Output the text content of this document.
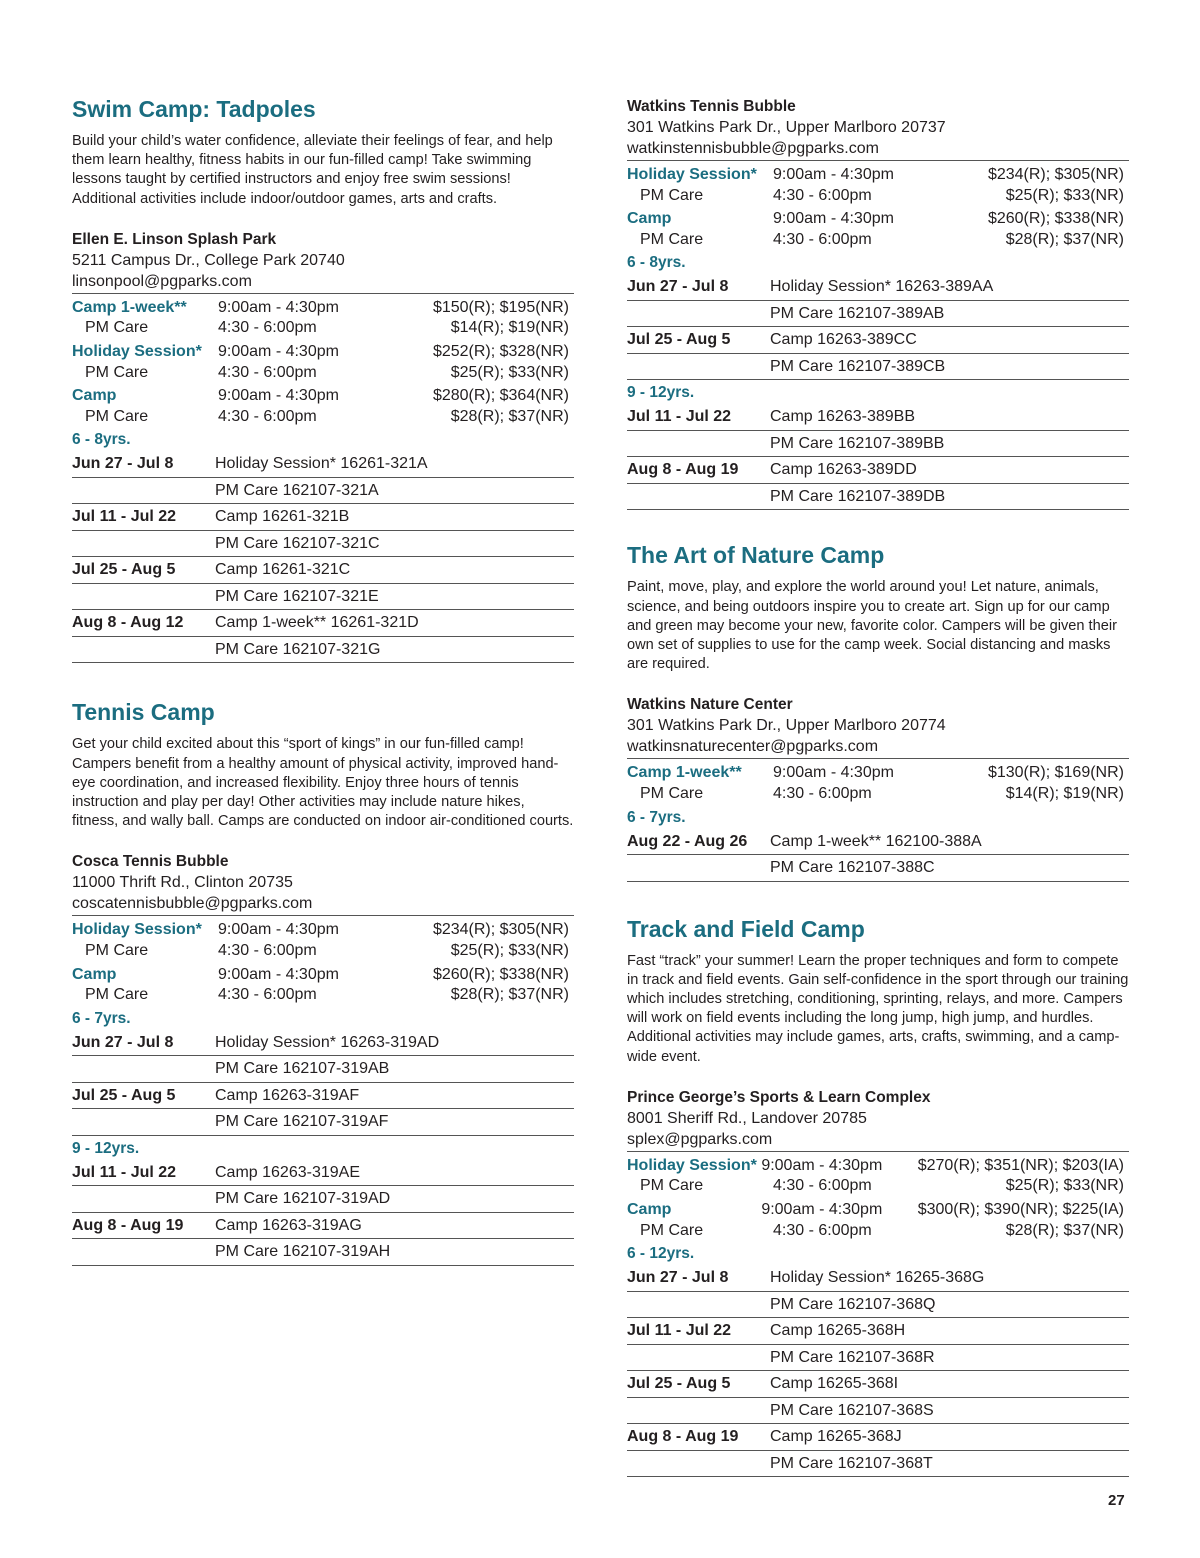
Swim Camp: Tadpoles

Build your child’s water confidence, alleviate their feelings of fear, and help them learn healthy, fitness habits in our fun-filled camp! Take swimming lessons taught by certified instructors and enjoy free swim sessions! Additional activities include indoor/outdoor games, arts and crafts.

Ellen E. Linson Splash Park
5211 Campus Dr., College Park 20740
linsonpool@pgparks.com
Camp 1-week**	9:00am - 4:30pm	$150(R); $195(NR)
PM Care	4:30 - 6:00pm	$14(R); $19(NR)
Holiday Session*	9:00am - 4:30pm	$252(R); $328(NR)
PM Care	4:30 - 6:00pm	$25(R); $33(NR)
Camp	9:00am - 4:30pm	$280(R); $364(NR)
PM Care	4:30 - 6:00pm	$28(R); $37(NR)
6 - 8yrs.
Jun 27 - Jul 8	Holiday Session* 16261-321A
PM Care 162107-321A
Jul 11 - Jul 22	Camp 16261-321B
PM Care 162107-321C
Jul 25 - Aug 5	Camp 16261-321C
PM Care 162107-321E
Aug 8 - Aug 12	Camp 1-week** 16261-321D
PM Care 162107-321G
Tennis Camp

Get your child excited about this “sport of kings” in our fun-filled camp! Campers benefit from a healthy amount of physical activity, improved hand-eye coordination, and increased flexibility. Enjoy three hours of tennis instruction and play per day! Other activities may include nature hikes, fitness, and wally ball. Camps are conducted on indoor air-conditioned courts.

Cosca Tennis Bubble
11000 Thrift Rd., Clinton 20735
coscatennisbubble@pgparks.com
Holiday Session*	9:00am - 4:30pm	$234(R); $305(NR)
PM Care	4:30 - 6:00pm	$25(R); $33(NR)
Camp	9:00am - 4:30pm	$260(R); $338(NR)
PM Care	4:30 - 6:00pm	$28(R); $37(NR)
6 - 7yrs.
Jun 27 - Jul 8	Holiday Session* 16263-319AD
PM Care 162107-319AB
Jul 25 - Aug 5	Camp 16263-319AF
PM Care 162107-319AF
9 - 12yrs.
Jul 11 - Jul 22	Camp 16263-319AE
PM Care 162107-319AD
Aug 8 - Aug 19	Camp 16263-319AG
PM Care 162107-319AH
Watkins Tennis Bubble
301 Watkins Park Dr., Upper Marlboro 20737
watkinstennisbubble@pgparks.com
Holiday Session*	9:00am - 4:30pm	$234(R); $305(NR)
PM Care	4:30 - 6:00pm	$25(R); $33(NR)
Camp	9:00am - 4:30pm	$260(R); $338(NR)
PM Care	4:30 - 6:00pm	$28(R); $37(NR)
6 - 8yrs.
Jun 27 - Jul 8	Holiday Session* 16263-389AA
PM Care 162107-389AB
Jul 25 - Aug 5	Camp 16263-389CC
PM Care 162107-389CB
9 - 12yrs.
Jul 11 - Jul 22	Camp 16263-389BB
PM Care 162107-389BB
Aug 8 - Aug 19	Camp 16263-389DD
PM Care 162107-389DB
The Art of Nature Camp

Paint, move, play, and explore the world around you! Let nature, animals, science, and being outdoors inspire you to create art. Sign up for our camp and green may become your new, favorite color. Campers will be given their own set of supplies to use for the camp week. Social distancing and masks are required.

Watkins Nature Center
301 Watkins Park Dr., Upper Marlboro 20774
watkinsnaturecenter@pgparks.com
Camp 1-week**	9:00am - 4:30pm	$130(R); $169(NR)
PM Care	4:30 - 6:00pm	$14(R); $19(NR)
6 - 7yrs.
Aug 22 - Aug 26	Camp 1-week** 162100-388A
PM Care 162107-388C
Track and Field Camp

Fast “track” your summer! Learn the proper techniques and form to compete in track and field events. Gain self-confidence in the sport through our training which includes stretching, conditioning, sprinting, relays, and more. Campers will work on field events including the long jump, high jump, and hurdles. Additional activities may include games, arts, crafts, swimming, and a camp-wide event.

Prince George’s Sports & Learn Complex
8001 Sheriff Rd., Landover 20785
splex@pgparks.com
Holiday Session* 9:00am - 4:30pm	$270(R); $351(NR); $203(IA)
PM Care	4:30 - 6:00pm	$25(R); $33(NR)
Camp	9:00am - 4:30pm	$300(R); $390(NR); $225(IA)
PM Care	4:30 - 6:00pm	$28(R); $37(NR)
6 - 12yrs.
Jun 27 - Jul 8	Holiday Session* 16265-368G
PM Care 162107-368Q
Jul 11 - Jul 22	Camp 16265-368H
PM Care 162107-368R
Jul 25 - Aug 5	Camp 16265-368I
PM Care 162107-368S
Aug 8 - Aug 19	Camp 16265-368J
PM Care 162107-368T
27
